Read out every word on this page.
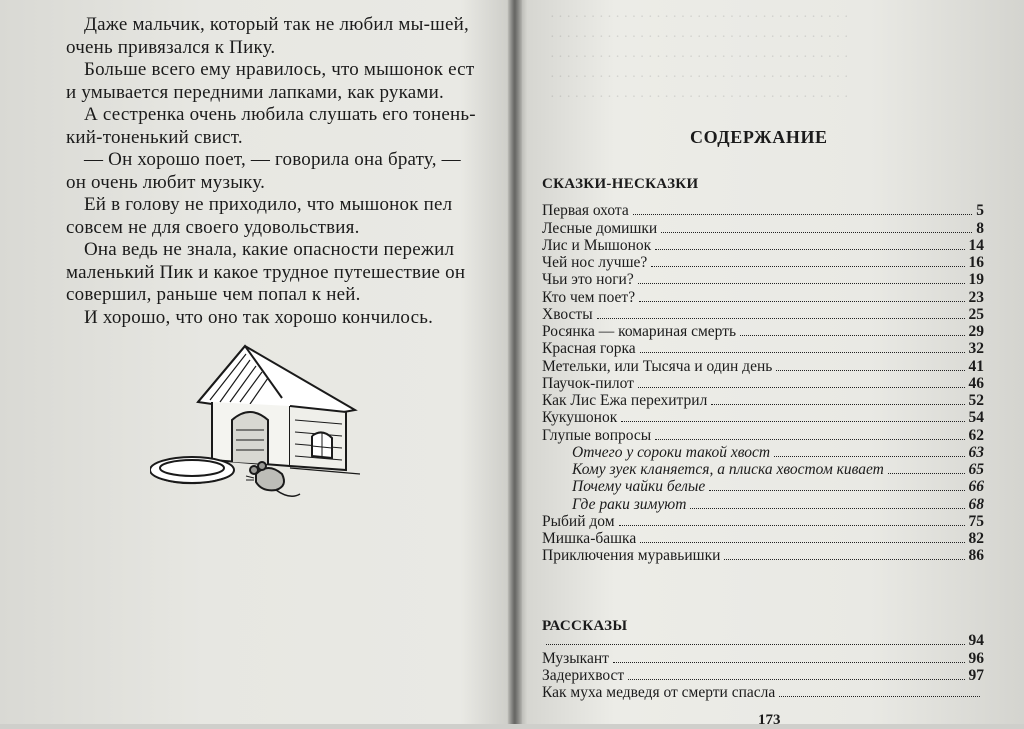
Даже мальчик, который так не любил мы-шей, очень привязался к Пику.

Больше всего ему нравилось, что мышонок ест и умывается передними лапками, как руками.

А сестренка очень любила слушать его тонень-кий-тоненький свист.

— Он хорошо поет, — говорила она брату, — он очень любит музыку.

Ей в голову не приходило, что мышонок пел совсем не для своего удовольствия.

Она ведь не знала, какие опасности пережил маленький Пик и какое трудное путешествие он совершил, раньше чем попал к ней.

И хорошо, что оно так хорошо кончилось.

· · · · · · · · · · · · · · · · · · · · · · · · · · · · · · · · · · · · ·
· · · · · · · · · · · · · · · · · · · · · · · · · · · · · · · · · · · · ·
· · · · · · · · · · · · · · · · · · · · · · · · · · · · · · · · · · · · ·
· · · · · · · · · · · · · · · · · · · · · · · · · · · · · · · · · · · · ·
· · · · · · · · · · · · · · · · · · · · · · · · · · · · · · · · · · · · ·
СОДЕРЖАНИЕ
СКАЗКИ-НЕСКАЗКИ
Первая охота	5
Лесные домишки	8
Лис и Мышонок	14
Чей нос лучше?	16
Чьи это ноги?	19
Кто чем поет?	23
Хвосты	25
Росянка — комариная смерть	29
Красная горка	32
Метельки, или Тысяча и один день	41
Паучок-пилот	46
Как Лис Ежа перехитрил	52
Кукушонок	54
Глупые вопросы	62
Отчего у сороки такой хвост	63
Кому зуек кланяется, а плиска хвостом кивает	65
Почему чайки белые	66
Где раки зимуют	68
Рыбий дом	75
Мишка-башка	82
Приключения муравьишки	86
РАССКАЗЫ
94
Музыкант	96
Задерихвост	97
Как муха медведя от смерти спасла
173
